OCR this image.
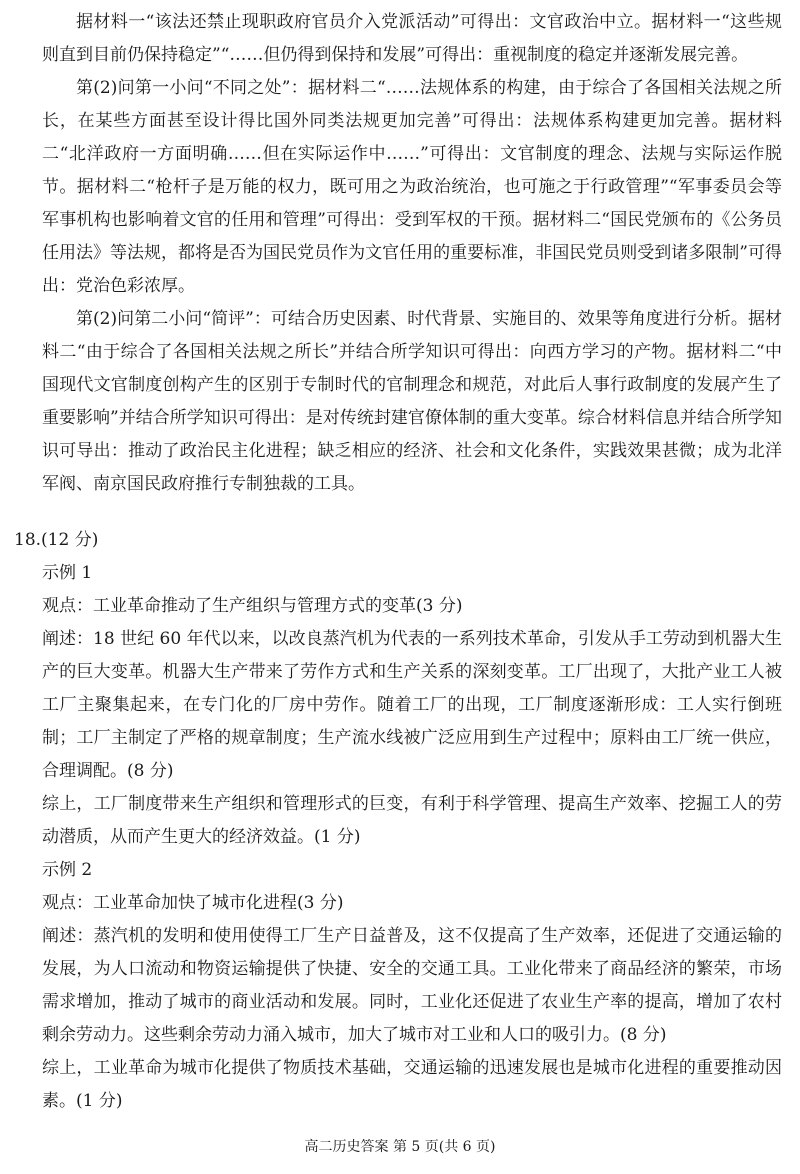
据材料一“该法还禁止现职政府官员介入党派活动”可得出：文官政治中立。据材料一“这些规则直到目前仍保持稳定”“……但仍得到保持和发展”可得出：重视制度的稳定并逐渐发展完善。

第(2)问第一小问“不同之处”：据材料二“……法规体系的构建，由于综合了各国相关法规之所长，在某些方面甚至设计得比国外同类法规更加完善”可得出：法规体系构建更加完善。据材料二“北洋政府一方面明确……但在实际运作中……”可得出：文官制度的理念、法规与实际运作脱节。据材料二“枪杆子是万能的权力，既可用之为政治统治，也可施之于行政管理”“军事委员会等军事机构也影响着文官的任用和管理”可得出：受到军权的干预。据材料二“国民党颁布的《公务员任用法》等法规，都将是否为国民党员作为文官任用的重要标准，非国民党员则受到诸多限制”可得出：党治色彩浓厚。

第(2)问第二小问“简评”：可结合历史因素、时代背景、实施目的、效果等角度进行分析。据材料二“由于综合了各国相关法规之所长”并结合所学知识可得出：向西方学习的产物。据材料二“中国现代文官制度创构产生的区别于专制时代的官制理念和规范，对此后人事行政制度的发展产生了重要影响”并结合所学知识可得出：是对传统封建官僚体制的重大变革。综合材料信息并结合所学知识可导出：推动了政治民主化进程；缺乏相应的经济、社会和文化条件，实践效果甚微；成为北洋军阀、南京国民政府推行专制独裁的工具。

18.(12 分)

示例 1

观点：工业革命推动了生产组织与管理方式的变革(3 分)

阐述：18 世纪 60 年代以来，以改良蒸汽机为代表的一系列技术革命，引发从手工劳动到机器大生产的巨大变革。机器大生产带来了劳作方式和生产关系的深刻变革。工厂出现了，大批产业工人被工厂主聚集起来，在专门化的厂房中劳作。随着工厂的出现，工厂制度逐渐形成：工人实行倒班制；工厂主制定了严格的规章制度；生产流水线被广泛应用到生产过程中；原料由工厂统一供应，合理调配。(8 分)

综上，工厂制度带来生产组织和管理形式的巨变，有利于科学管理、提高生产效率、挖掘工人的劳动潜质，从而产生更大的经济效益。(1 分)

示例 2

观点：工业革命加快了城市化进程(3 分)

阐述：蒸汽机的发明和使用使得工厂生产日益普及，这不仅提高了生产效率，还促进了交通运输的发展，为人口流动和物资运输提供了快捷、安全的交通工具。工业化带来了商品经济的繁荣，市场需求增加，推动了城市的商业活动和发展。同时，工业化还促进了农业生产率的提高，增加了农村剩余劳动力。这些剩余劳动力涌入城市，加大了城市对工业和人口的吸引力。(8 分)

综上，工业革命为城市化提供了物质技术基础，交通运输的迅速发展也是城市化进程的重要推动因素。(1 分)

高二历史答案 第 5 页(共 6 页)
